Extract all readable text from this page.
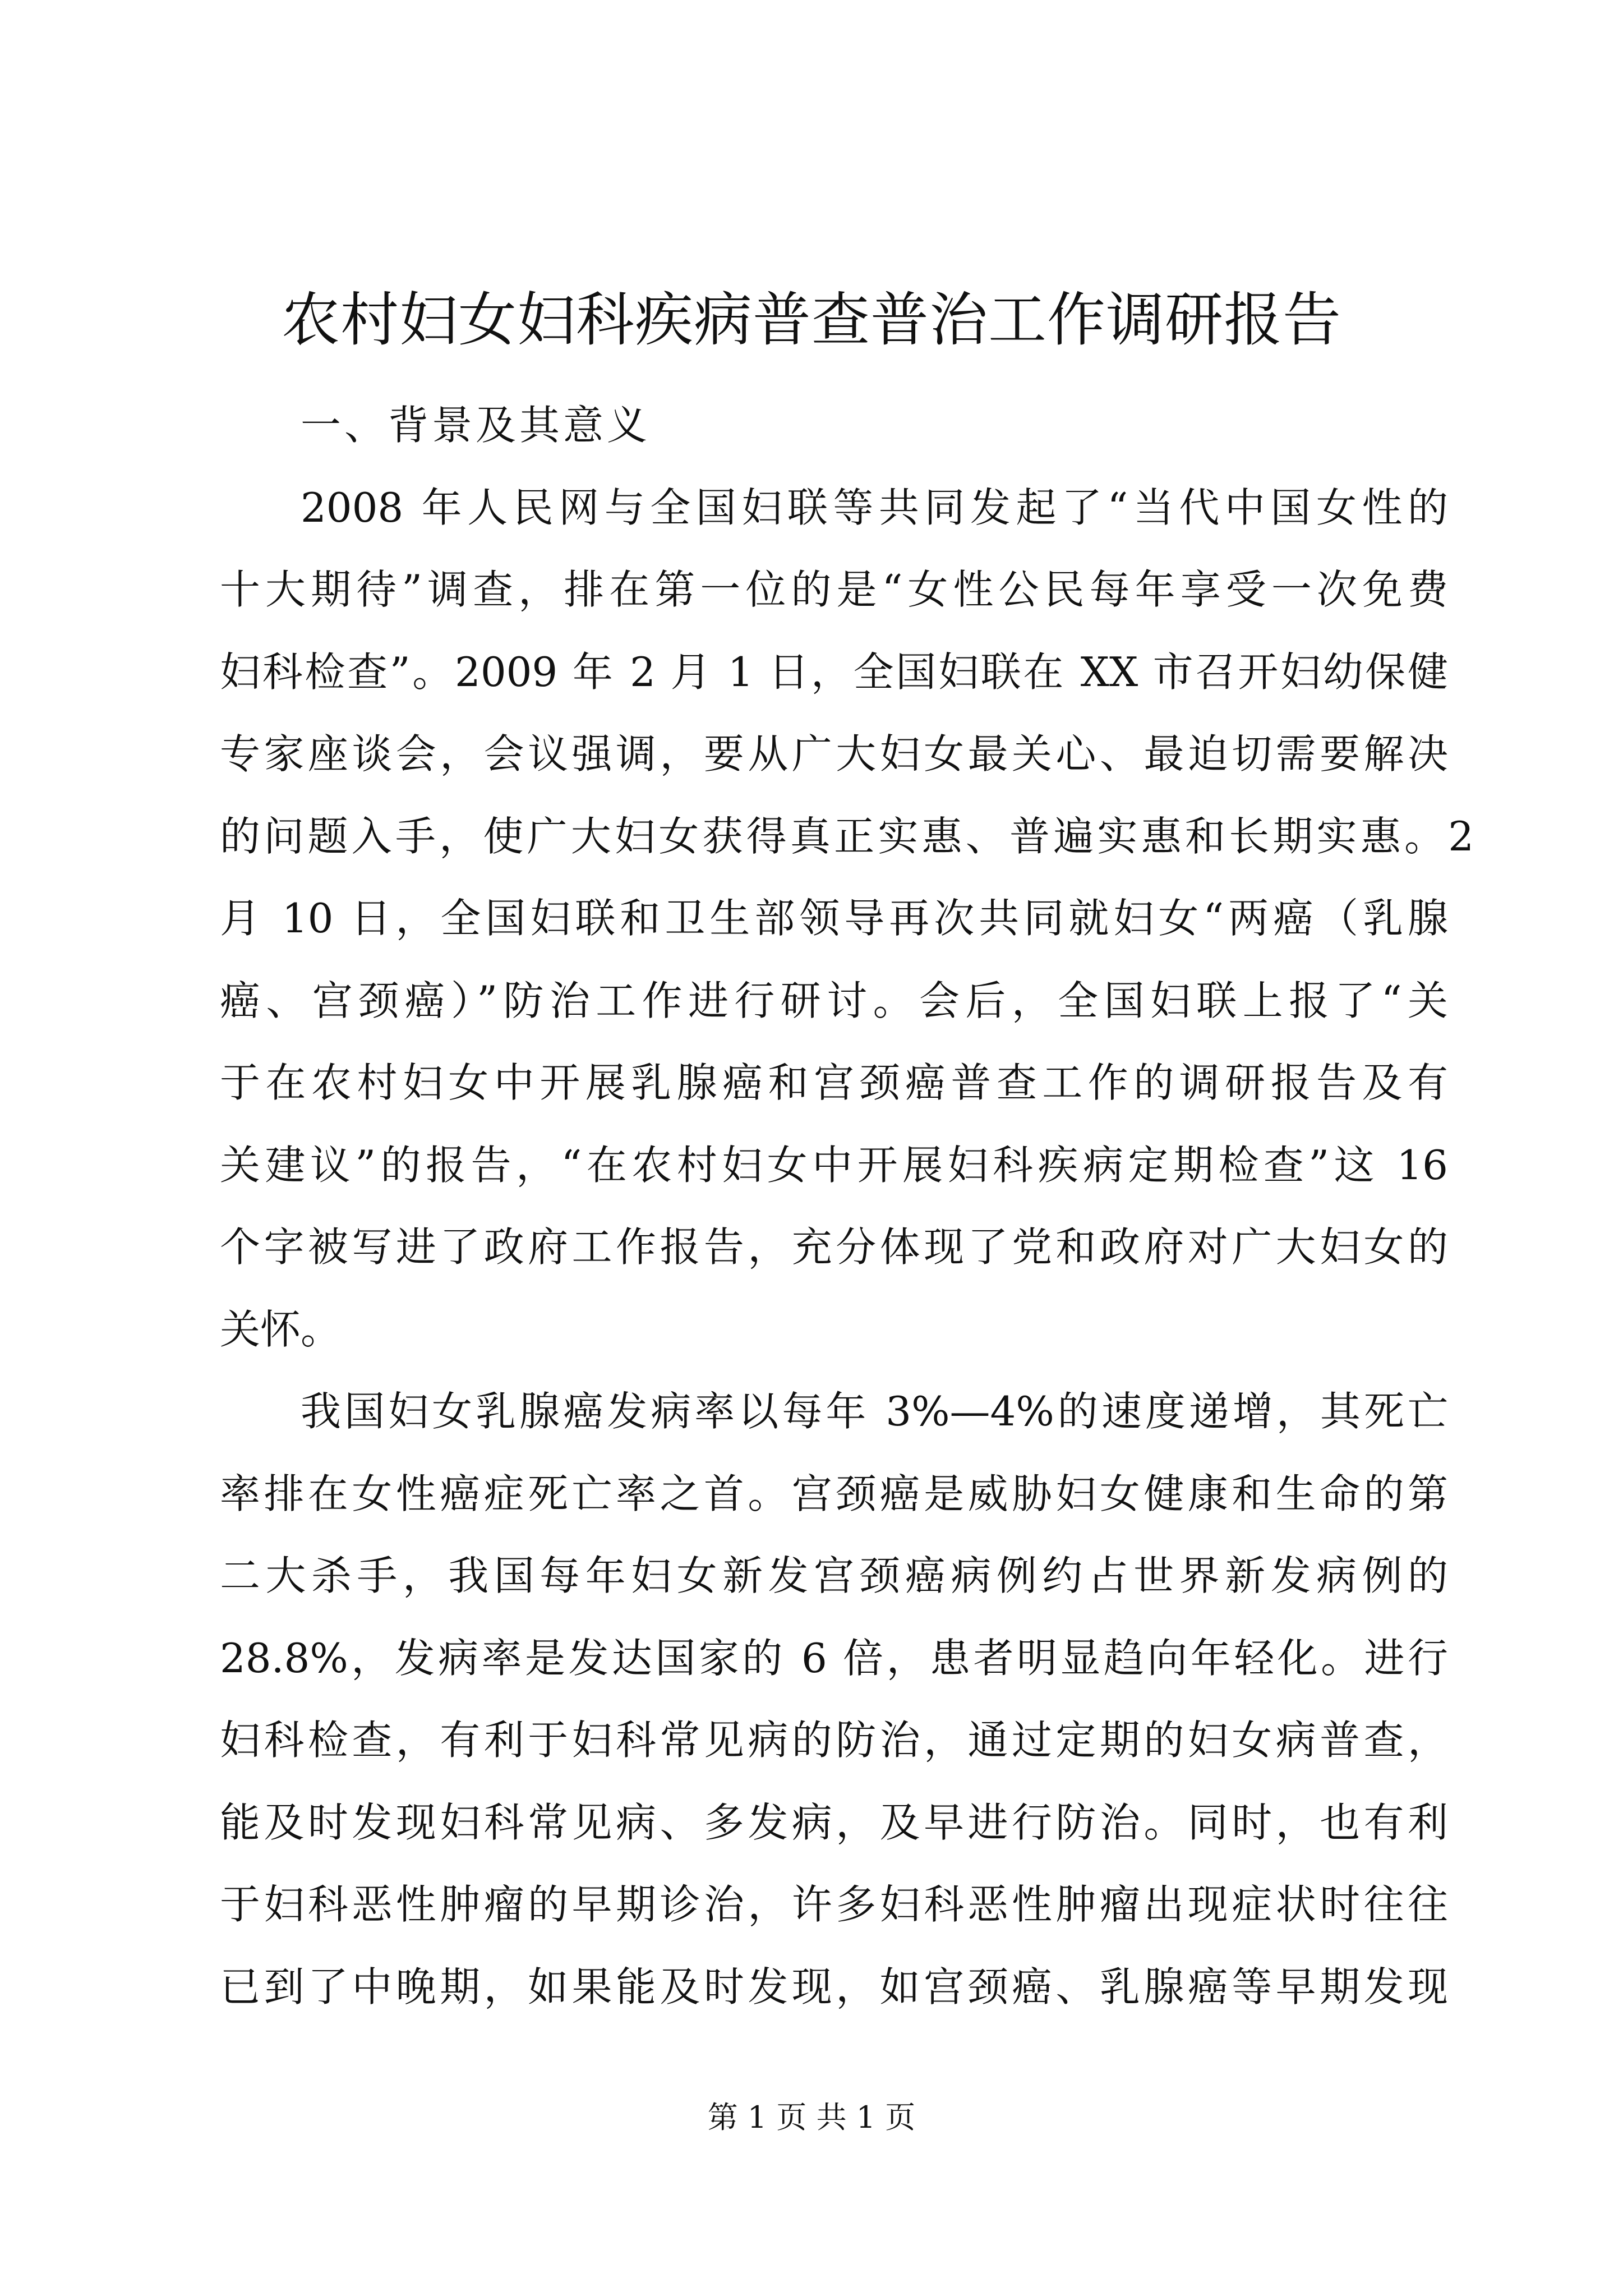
农村妇女妇科疾病普查普治工作调研报告
一、背景及其意义
2008 年人民网与全国妇联等共同发起了“当代中国女性的
十大期待”调查，排在第一位的是“女性公民每年享受一次免费
妇科检查”。2009 年 2 月 1 日，全国妇联在 XX 市召开妇幼保健
专家座谈会，会议强调，要从广大妇女最关心、最迫切需要解决
的问题入手，使广大妇女获得真正实惠、普遍实惠和长期实惠。2
月 10 日，全国妇联和卫生部领导再次共同就妇女“两癌（乳腺
癌、宫颈癌）”防治工作进行研讨。会后，全国妇联上报了“关
于在农村妇女中开展乳腺癌和宫颈癌普查工作的调研报告及有
关建议”的报告，“在农村妇女中开展妇科疾病定期检查”这 16
个字被写进了政府工作报告，充分体现了党和政府对广大妇女的
关怀。
我国妇女乳腺癌发病率以每年 3%—4%的速度递增，其死亡
率排在女性癌症死亡率之首。宫颈癌是威胁妇女健康和生命的第
二大杀手，我国每年妇女新发宫颈癌病例约占世界新发病例的
28.8%，发病率是发达国家的 6 倍，患者明显趋向年轻化。进行
妇科检查，有利于妇科常见病的防治，通过定期的妇女病普查，
能及时发现妇科常见病、多发病，及早进行防治。同时，也有利
于妇科恶性肿瘤的早期诊治，许多妇科恶性肿瘤出现症状时往往
已到了中晚期，如果能及时发现，如宫颈癌、乳腺癌等早期发现
第 1 页 共 1 页
